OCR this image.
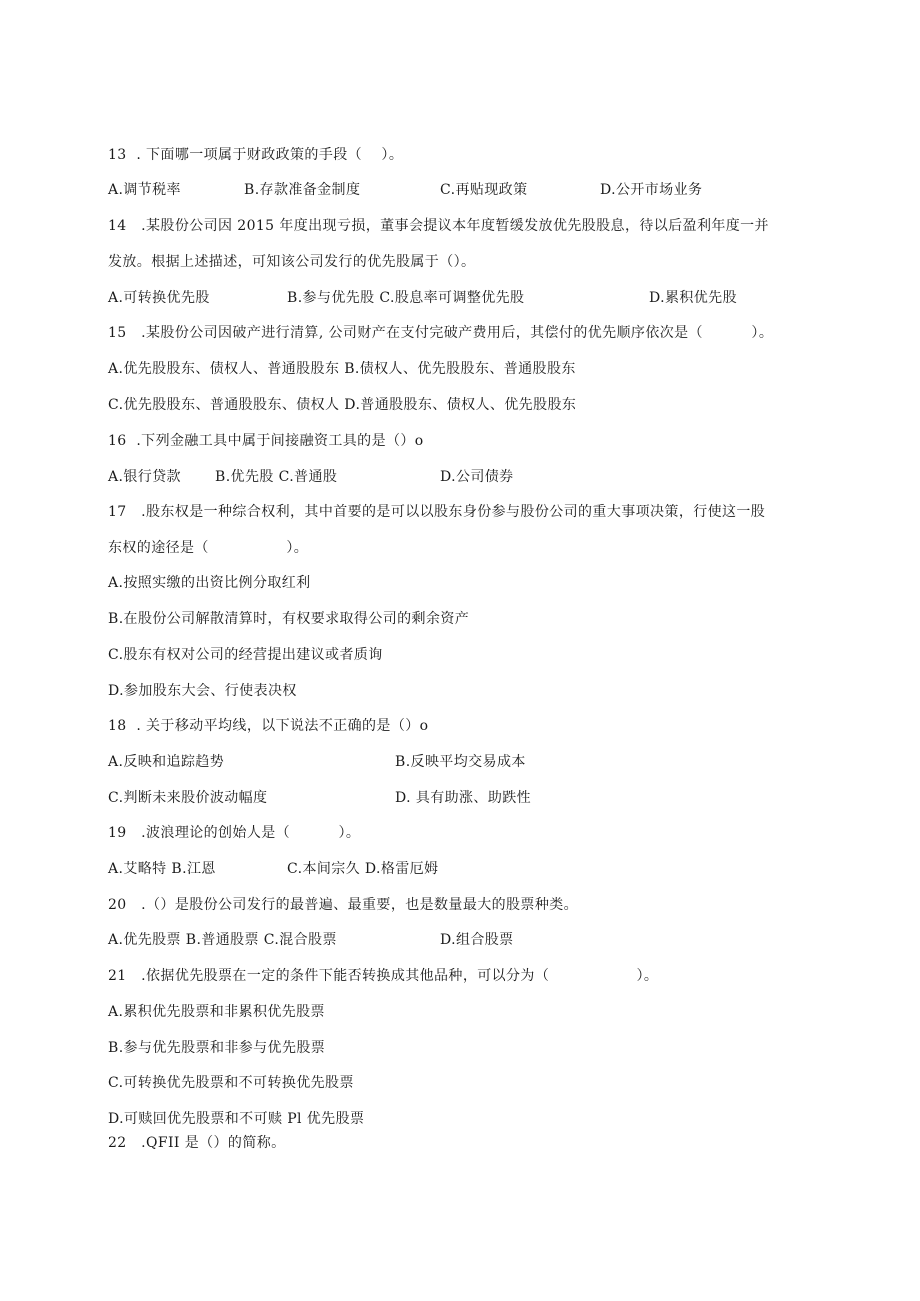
13  . 下面哪一项属于财政政策的手段（    ）。
A.调节税率	B.存款准备金制度	C.再贴现政策	D.公开市场业务
14   .某股份公司因 2015 年度出现亏损，董事会提议本年度暂缓发放优先股股息，待以后盈利年度一并
发放。根据上述描述，可知该公司发行的优先股属于（）。
A.可转换优先股	B.参与优先股 C.股息率可调整优先股	D.累积优先股
15   .某股份公司因破产进行清算, 公司财产在支付完破产费用后，其偿付的优先顺序依次是（          ）。
A.优先股股东、债权人、普通股股东 B.债权人、优先股股东、普通股股东
C.优先股股东、普通股股东、债权人 D.普通股股东、债权人、优先股股东
16  .下列金融工具中属于间接融资工具的是（）o
A.银行贷款 B.优先股 C.普通股	D.公司债券
17   .股东权是一种综合权利，其中首要的是可以以股东身份参与股份公司的重大事项决策，行使这一股
东权的途径是（                ）。
A.按照实缴的出资比例分取红利
B.在股份公司解散清算时，有权要求取得公司的剩余资产
C.股东有权对公司的经营提出建议或者质询
D.参加股东大会、行使表决权
18  . 关于移动平均线，以下说法不正确的是（）o
A.反映和追踪趋势	B.反映平均交易成本
C.判断未来股价波动幅度	D. 具有助涨、助跌性
19   .波浪理论的创始人是（          ）。
A.艾略特 B.江恩	C.本间宗久 D.格雷厄姆
20   .（）是股份公司发行的最普遍、最重要，也是数量最大的股票种类。
A.优先股票 B.普通股票 C.混合股票	D.组合股票
21   .依据优先股票在一定的条件下能否转换成其他品种，可以分为（                  ）。
A.累积优先股票和非累积优先股票
B.参与优先股票和非参与优先股票
C.可转换优先股票和不可转换优先股票
D.可赎回优先股票和不可赎 Pl 优先股票
22   .QFII 是（）的简称。
